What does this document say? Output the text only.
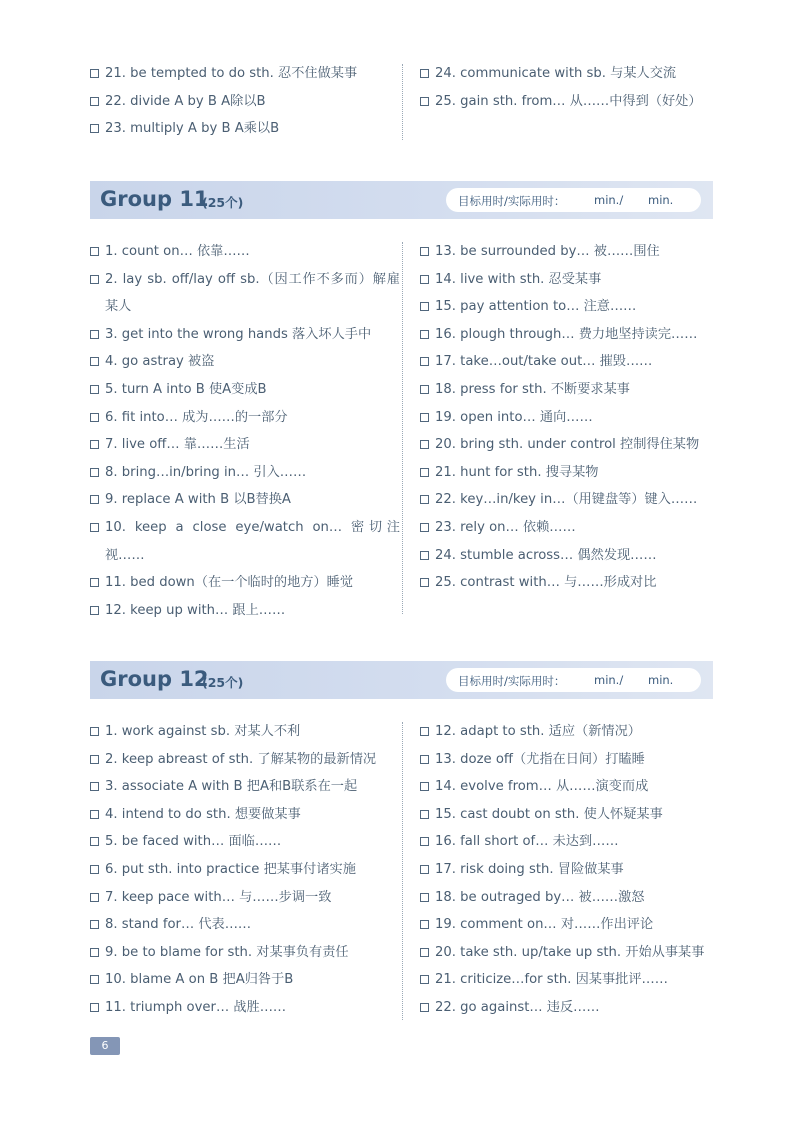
21. be tempted to do sth. 忍不住做某事
22. divide A by B A除以B
23. multiply A by B A乘以B
24. communicate with sb. 与某人交流
25. gain sth. from… 从……中得到（好处）
Group 11
(25个)	目标用时/实际用时： min./ min.
1. count on… 依靠……
2. lay sb. off/lay off sb.（因工作不多而）解雇某人
3. get into the wrong hands 落入坏人手中
4. go astray 被盗
5. turn A into B 使A变成B
6. fit into… 成为……的一部分
7. live off… 靠……生活
8. bring…in/bring in… 引入……
9. replace A with B 以B替换A
10. keep a close eye/watch on… 密切注视……
11. bed down（在一个临时的地方）睡觉
12. keep up with… 跟上……
13. be surrounded by… 被……围住
14. live with sth. 忍受某事
15. pay attention to… 注意……
16. plough through… 费力地坚持读完……
17. take…out/take out… 摧毁……
18. press for sth. 不断要求某事
19. open into… 通向……
20. bring sth. under control 控制得住某物
21. hunt for sth. 搜寻某物
22. key…in/key in…（用键盘等）键入……
23. rely on… 依赖……
24. stumble across… 偶然发现……
25. contrast with… 与……形成对比
Group 12
(25个)	目标用时/实际用时： min./ min.
1. work against sb. 对某人不利
2. keep abreast of sth. 了解某物的最新情况
3. associate A with B 把A和B联系在一起
4. intend to do sth. 想要做某事
5. be faced with… 面临……
6. put sth. into practice 把某事付诸实施
7. keep pace with… 与……步调一致
8. stand for… 代表……
9. be to blame for sth. 对某事负有责任
10. blame A on B 把A归咎于B
11. triumph over… 战胜……
12. adapt to sth. 适应（新情况）
13. doze off（尤指在日间）打瞌睡
14. evolve from… 从……演变而成
15. cast doubt on sth. 使人怀疑某事
16. fall short of… 未达到……
17. risk doing sth. 冒险做某事
18. be outraged by… 被……激怒
19. comment on… 对……作出评论
20. take sth. up/take up sth. 开始从事某事
21. criticize…for sth. 因某事批评……
22. go against… 违反……
6
